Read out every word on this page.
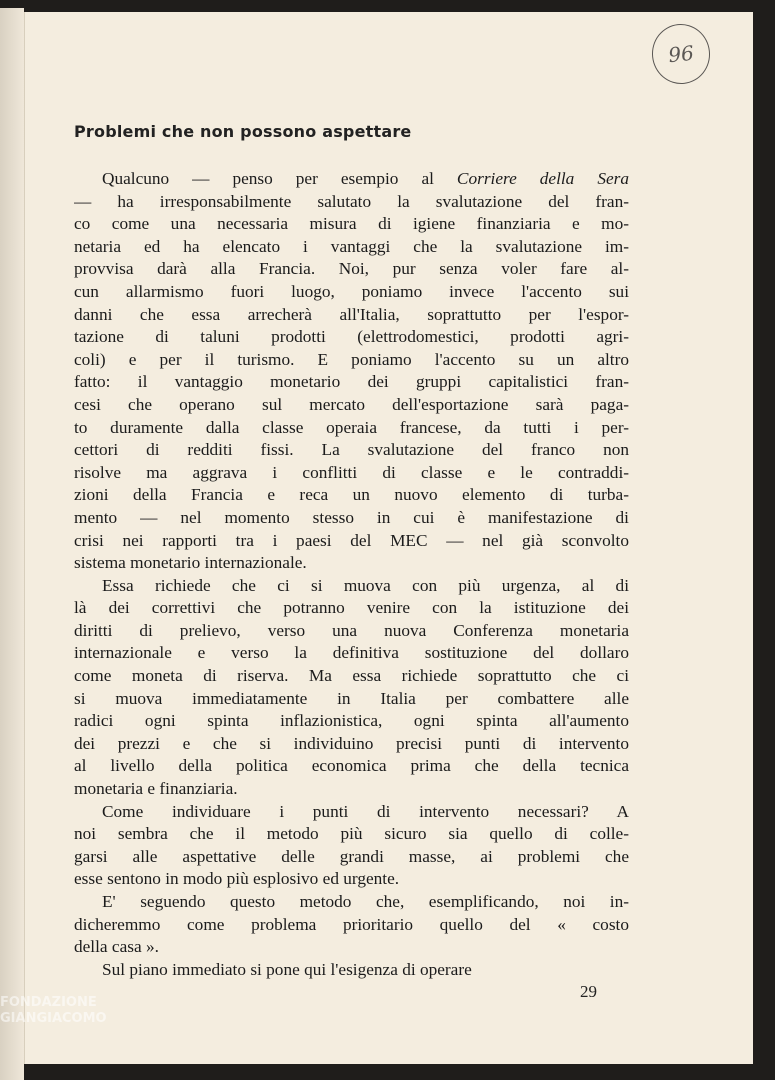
96
Problemi che non possono aspettare
Qualcuno — penso per esempio al Corriere della Sera
— ha irresponsabilmente salutato la svalutazione del fran-
co come una necessaria misura di igiene finanziaria e mo-
netaria ed ha elencato i vantaggi che la svalutazione im-
provvisa darà alla Francia. Noi, pur senza voler fare al-
cun allarmismo fuori luogo, poniamo invece l'accento sui
danni che essa arrecherà all'Italia, soprattutto per l'espor-
tazione di taluni prodotti (elettrodomestici, prodotti agri-
coli) e per il turismo. E poniamo l'accento su un altro
fatto: il vantaggio monetario dei gruppi capitalistici fran-
cesi che operano sul mercato dell'esportazione sarà paga-
to duramente dalla classe operaia francese, da tutti i per-
cettori di redditi fissi. La svalutazione del franco non
risolve ma aggrava i conflitti di classe e le contraddi-
zioni della Francia e reca un nuovo elemento di turba-
mento — nel momento stesso in cui è manifestazione di
crisi nei rapporti tra i paesi del MEC — nel già sconvolto
sistema monetario internazionale.
Essa richiede che ci si muova con più urgenza, al di
là dei correttivi che potranno venire con la istituzione dei
diritti di prelievo, verso una nuova Conferenza monetaria
internazionale e verso la definitiva sostituzione del dollaro
come moneta di riserva. Ma essa richiede soprattutto che ci
si muova immediatamente in Italia per combattere alle
radici ogni spinta inflazionistica, ogni spinta all'aumento
dei prezzi e che si individuino precisi punti di intervento
al livello della politica economica prima che della tecnica
monetaria e finanziaria.
Come individuare i punti di intervento necessari? A
noi sembra che il metodo più sicuro sia quello di colle-
garsi alle aspettative delle grandi masse, ai problemi che
esse sentono in modo più esplosivo ed urgente.
E' seguendo questo metodo che, esemplificando, noi in-
dicheremmo come problema prioritario quello del « costo
della casa ».
Sul piano immediato si pone qui l'esigenza di operare
29
FONDAZIONE
GIANGIACOMO
